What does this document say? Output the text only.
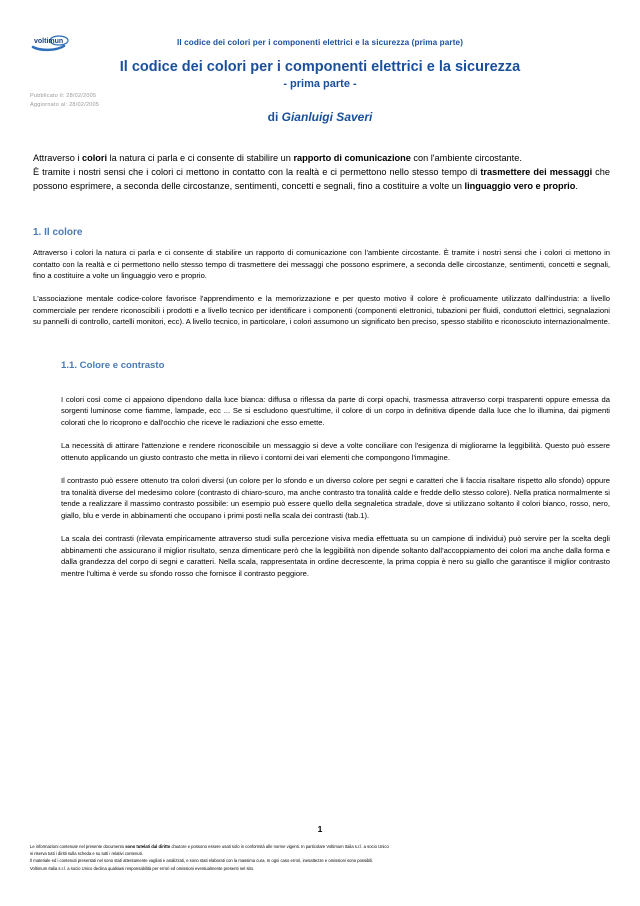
voltimun	Il codice dei colori per i componenti elettrici e la sicurezza (prima parte)
Il codice dei colori per i componenti elettrici e la sicurezza
- prima parte -
Pubblicato il: 28/02/2005
Aggiornato al: 28/02/2005
di Gianluigi Saveri

Attraverso i colori la natura ci parla e ci consente di stabilire un rapporto di comunicazione con l'ambiente circostante.
È tramite i nostri sensi che i colori ci mettono in contatto con la realtà e ci permettono nello stesso tempo di trasmettere dei messaggi che possono esprimere, a seconda delle circostanze, sentimenti, concetti e segnali, fino a costituire a volte un linguaggio vero e proprio.

1. Il colore

Attraverso i colori la natura ci parla e ci consente di stabilire un rapporto di comunicazione con l'ambiente circostante. È tramite i nostri sensi che i colori ci mettono in contatto con la realtà e ci permettono nello stesso tempo di trasmettere dei messaggi che possono esprimere, a seconda delle circostanze, sentimenti, concetti e segnali, fino a costituire a volte un linguaggio vero e proprio.

L'associazione mentale codice-colore favorisce l'apprendimento e la memorizzazione e per questo motivo il colore è proficuamente utilizzato dall'industria: a livello commerciale per rendere riconoscibili i prodotti e a livello tecnico per identificare i componenti (componenti elettronici, tubazioni per fluidi, conduttori elettrici, segnalazioni su pannelli di controllo, cartelli monitori, ecc). A livello tecnico, in particolare, i colori assumono un significato ben preciso, spesso stabilito e riconosciuto internazionalmente.

1.1. Colore e contrasto

I colori così come ci appaiono dipendono dalla luce bianca: diffusa o riflessa da parte di corpi opachi, trasmessa attraverso corpi trasparenti oppure emessa da sorgenti luminose come fiamme, lampade, ecc ... Se si escludono quest'ultime, il colore di un corpo in definitiva dipende dalla luce che lo illumina, dai pigmenti colorati che lo ricoprono e dall'occhio che riceve le radiazioni che esso emette.

La necessità di attirare l'attenzione e rendere riconoscibile un messaggio si deve a volte conciliare con l'esigenza di migliorarne la leggibilità. Questo può essere ottenuto applicando un giusto contrasto che metta in rilievo i contorni dei vari elementi che compongono l'immagine.

Il contrasto può essere ottenuto tra colori diversi (un colore per lo sfondo e un diverso colore per segni e caratteri che li faccia risaltare rispetto allo sfondo) oppure tra tonalità diverse del medesimo colore (contrasto di chiaro-scuro, ma anche contrasto tra tonalità calde e fredde dello stesso colore). Nella pratica normalmente si tende a realizzare il massimo contrasto possibile: un esempio può essere quello della segnaletica stradale, dove si utilizzano soltanto il colori bianco, rosso, nero, giallo, blu e verde in abbinamenti che occupano i primi posti nella scala dei contrasti (tab.1).

La scala dei contrasti (rilevata empiricamente attraverso studi sulla percezione visiva media effettuata su un campione di individui) può servire per la scelta degli abbinamenti che assicurano il miglior risultato, senza dimenticare però che la leggibilità non dipende soltanto dall'accoppiamento dei colori ma anche dalla forma e dalla grandezza del corpo di segni e caratteri. Nella scala, rappresentata in ordine decrescente, la prima coppia è nero su giallo che garantisce il miglior contrasto mentre l'ultima è verde su sfondo rosso che fornisce il contrasto peggiore.

1
Le informazioni contenute nel presente documento sono tutelati dal diritto d'autore e possono essere usati solo in conformità alle norme vigenti. In particolare Voltimum Italia s.r.l. a socio Unico
si riserva tutti i diritti sulla scheda e su tutti i relativi contenuti.
Il materiale ed i contenuti presentati nel sono stati attentamente vagliati e analizzati, e sono stati elaborati con la massima cura. In ogni caso errori, inesattezze e omissioni sono possibili.
Voltimum Italia s.r.l. a socio Unico declina qualsiasi responsabilità per errori ed omissioni eventualmente presenti nel sito.
